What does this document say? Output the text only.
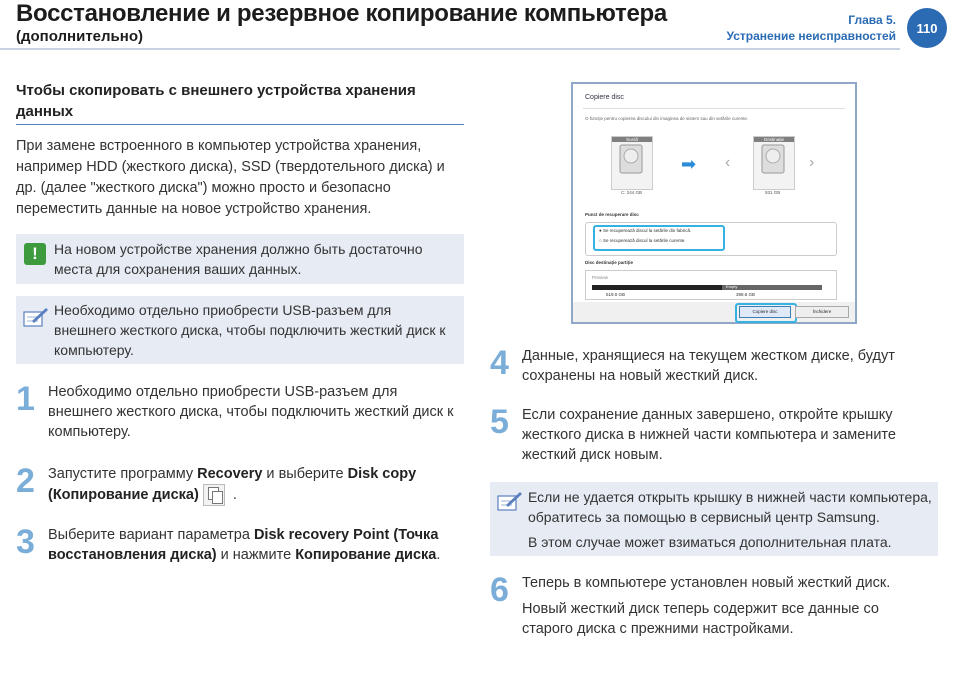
Восстановление и резервное копирование компьютера
(дополнительно)
Глава 5.
Устранение неисправностей
110
Чтобы скопировать с внешнего устройства хранения
данных
При замене встроенного в компьютер устройства хранения, например HDD (жесткого диска), SSD (твердотельного диска) и др. (далее "жесткого диска") можно просто и безопасно переместить данные на новое устройство хранения.
!	На новом устройстве хранения должно быть достаточно места для сохранения ваших данных.
Необходимо отдельно приобрести USB-разъем для внешнего жесткого диска, чтобы подключить жесткий диск к компьютеру.
1 Необходимо отдельно приобрести USB-разъем для внешнего жесткого диска, чтобы подключить жесткий диск к компьютеру.
2 Запустите программу Recovery и выберите Disk copy (Копирование диска) .
3 Выберите вариант параметра Disk recovery Point (Точка восстановления диска) и нажмите Копирование диска.
Copiere disc
O funcție pentru copierea discului din imaginea de sistem sau din setările curente.
Sursă
C: 244 GB
➡ ‹
Destinație
931 GB
›
Punct de recuperare disc
● Se recuperează discul la setările din fabrică.
○ Se recuperează discul la setările curente.
Disc destinație partiție
Preview
Empty
519.0 GB	398.6 GB
Copiere disc	Închidere
4 Данные, хранящиеся на текущем жестком диске, будут сохранены на новый жесткий диск.
5 Если сохранение данных завершено, откройте крышку жесткого диска в нижней части компьютера и замените жесткий диск новым.
Если не удается открыть крышку в нижней части компьютера, обратитесь за помощью в сервисный центр Samsung.
В этом случае может взиматься дополнительная плата.
6 Теперь в компьютере установлен новый жесткий диск.
Новый жесткий диск теперь содержит все данные со старого диска с прежними настройками.
